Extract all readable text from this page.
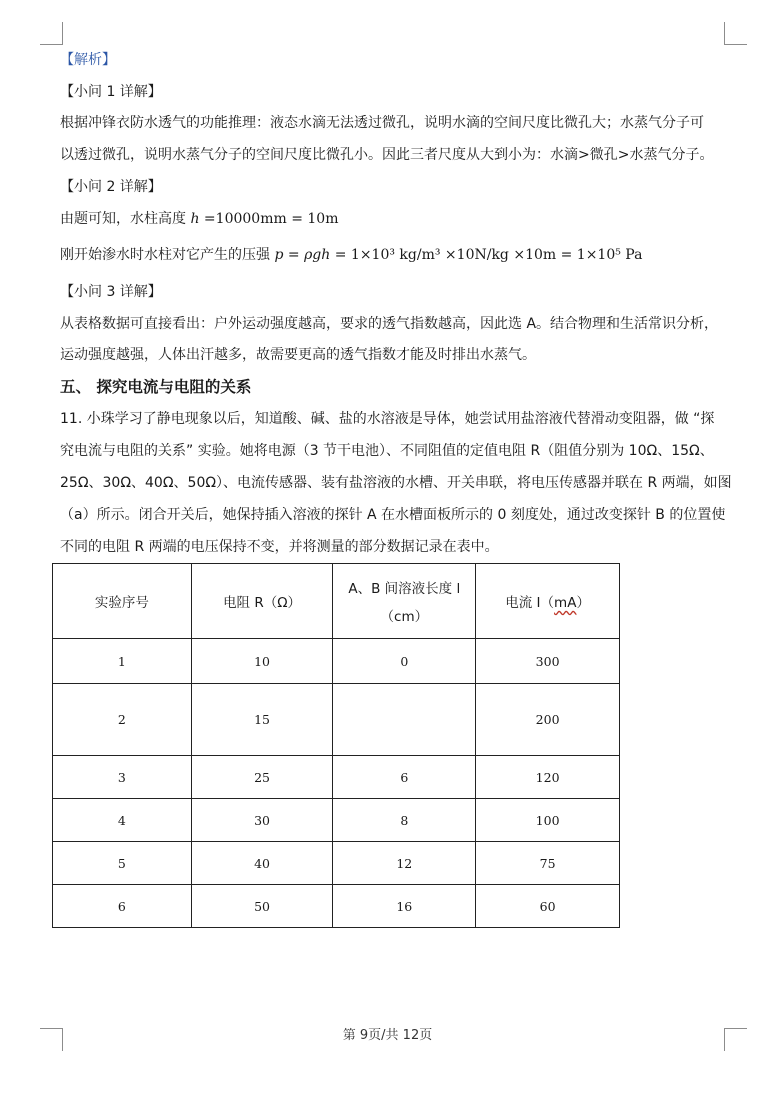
【解析】
【小问 1 详解】
根据冲锋衣防水透气的功能推理：液态水滴无法透过微孔，说明水滴的空间尺度比微孔大；水蒸气分子可
以透过微孔，说明水蒸气分子的空间尺度比微孔小。因此三者尺度从大到小为：水滴>微孔>水蒸气分子。
【小问 2 详解】
由题可知，水柱高度 h =10000mm = 10m
刚开始渗水时水柱对它产生的压强 p = ρgh = 1×10³ kg/m³ ×10N/kg ×10m = 1×10⁵ Pa
【小问 3 详解】
从表格数据可直接看出：户外运动强度越高，要求的透气指数越高，因此选 A。结合物理和生活常识分析，
运动强度越强，人体出汗越多，故需要更高的透气指数才能及时排出水蒸气。
五、 探究电流与电阻的关系
11. 小珠学习了静电现象以后，知道酸、碱、盐的水溶液是导体，她尝试用盐溶液代替滑动变阻器，做 “探
究电流与电阻的关系” 实验。她将电源（3 节干电池）、不同阻值的定值电阻 R（阻值分别为 10Ω、15Ω、
25Ω、30Ω、40Ω、50Ω）、电流传感器、装有盐溶液的水槽、开关串联，将电压传感器并联在 R 两端，如图
（a）所示。闭合开关后，她保持插入溶液的探针 A 在水槽面板所示的 0 刻度处，通过改变探针 B 的位置使
不同的电阻 R 两端的电压保持不变，并将测量的部分数据记录在表中。
实验序号	电阻 R（Ω）	A、B 间溶液长度 l
（cm）	电流 I（mA）
1	10	0	300
2	15		200
3	25	6	120
4	30	8	100
5	40	12	75
6	50	16	60
第 9页/共 12页
